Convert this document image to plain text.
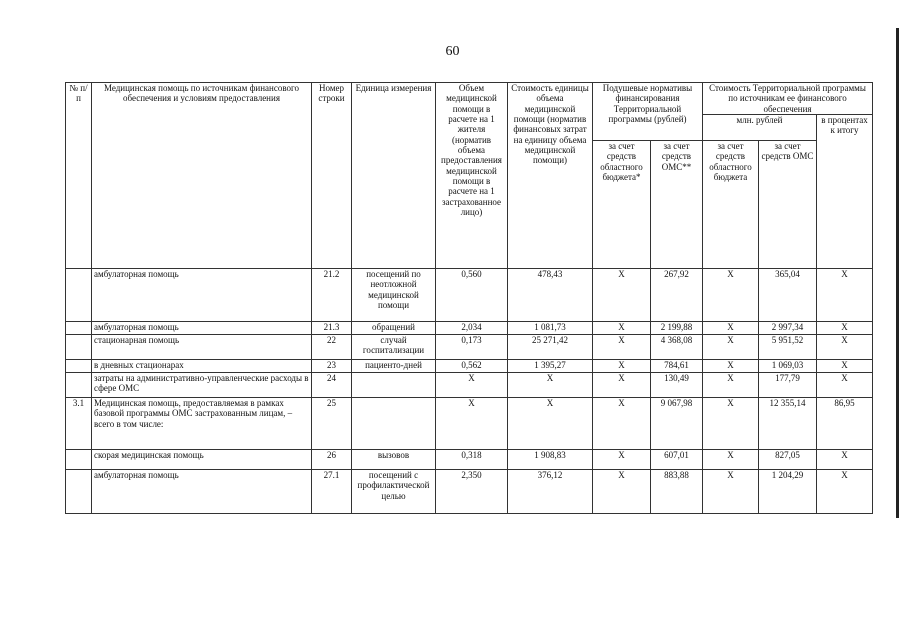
60
№ п/п	Медицинская помощь по источникам финансового обеспечения и условиям предоставления	Номер строки	Единица измерения	Объем медицинской помощи в расчете на 1 жителя (норматив объема предоставления медицинской помощи в расчете на 1 застрахованное лицо)	Стоимость единицы объема медицинской помощи (норматив финансовых затрат на единицу объема медицинской помощи)	Подушевые нормативы финансирования Территориальной программы (рублей)		Стоимость Территориальной программы по источникам ее финансового обеспечения		
								млн. рублей		в процентах к итогу
						за счет средств областного бюджета*	за счет средств ОМС**	за счет средств областного бюджета	за счет средств ОМС	
	амбулаторная помощь	21.2	посещений по неотложной медицинской помощи	0,560	478,43	Х	267,92	Х	365,04	Х
	амбулаторная помощь	21.3	обращений	2,034	1 081,73	Х	2 199,88	Х	2 997,34	Х
	стационарная помощь	22	случай госпитализации	0,173	25 271,42	Х	4 368,08	Х	5 951,52	Х
	в дневных стационарах	23	пациенто-дней	0,562	1 395,27	Х	784,61	Х	1 069,03	Х
	затраты на административно-управленческие расходы в сфере ОМС	24		Х	Х	Х	130,49	Х	177,79	Х
3.1	Медицинская помощь, предоставляемая в рамках базовой программы ОМС застрахованным лицам, – всего в том числе:	25		Х	Х	Х	9 067,98	Х	12 355,14	86,95
	скорая медицинская помощь	26	вызовов	0,318	1 908,83	Х	607,01	Х	827,05	Х
	амбулаторная помощь	27.1	посещений с профилактической целью	2,350	376,12	Х	883,88	Х	1 204,29	Х
